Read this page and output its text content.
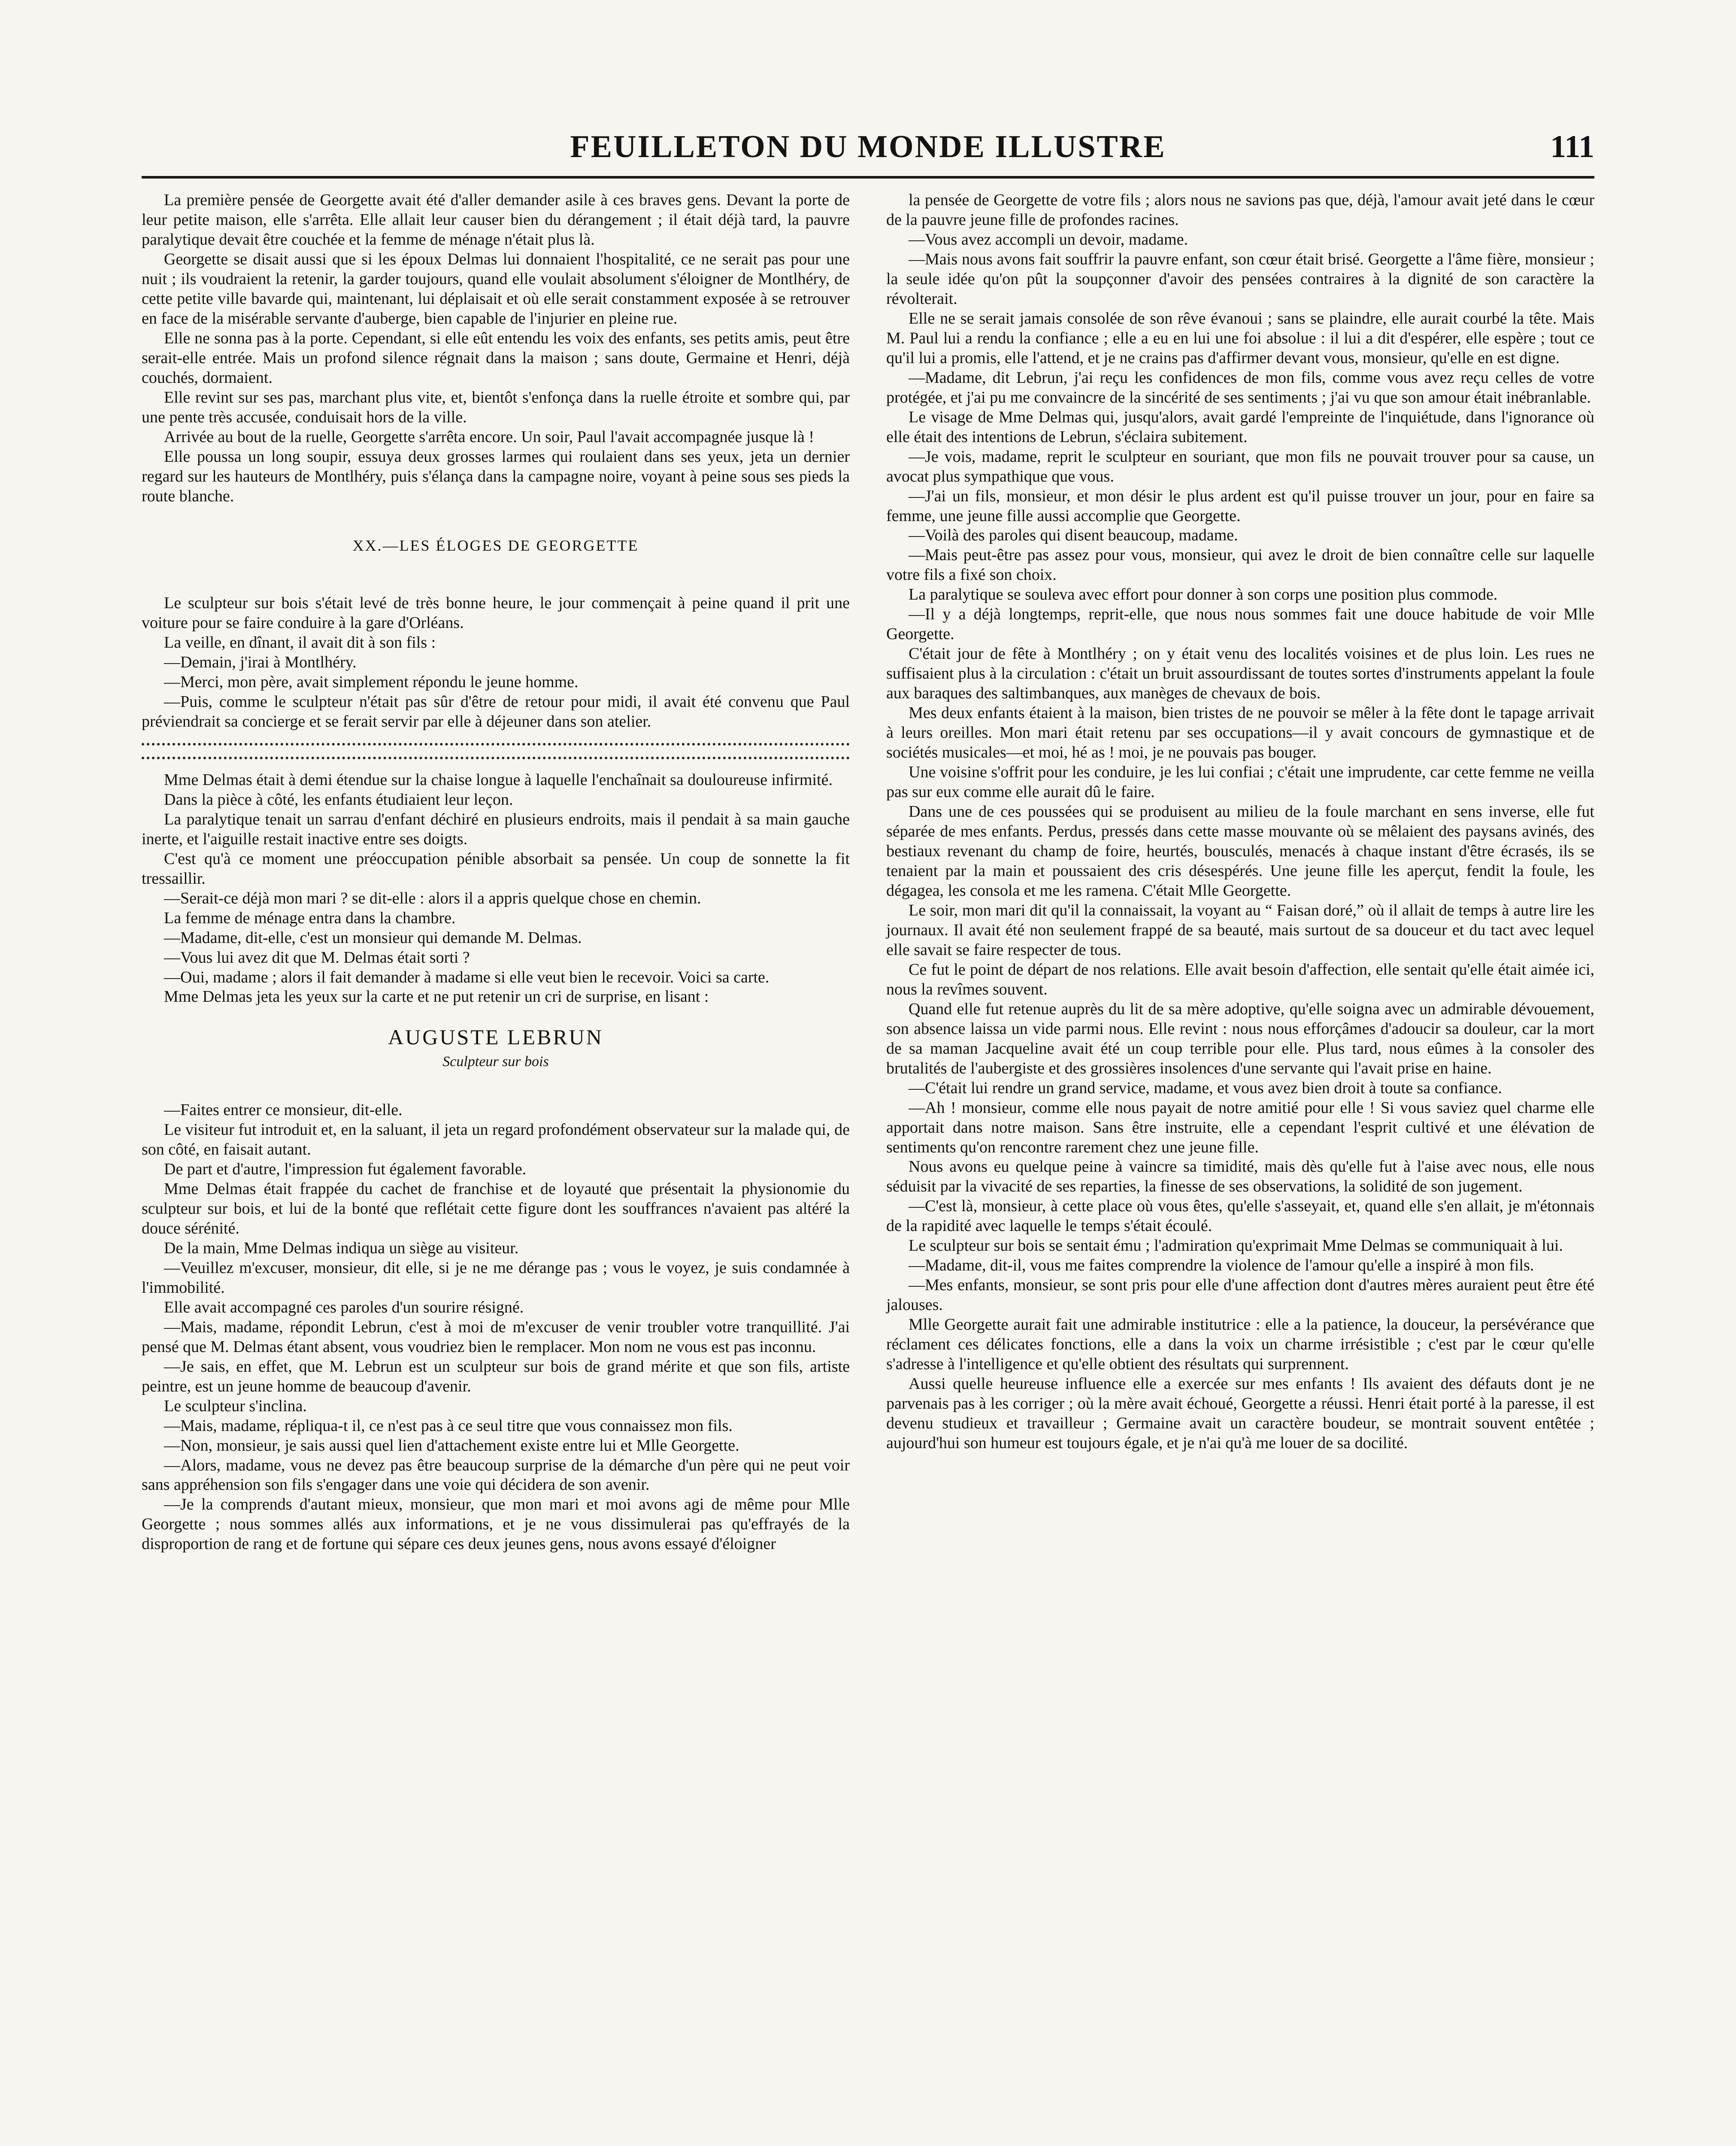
FEUILLETON DU MONDE ILLUSTRE	111

La première pensée de Georgette avait été d'aller demander asile à ces braves gens. Devant la porte de leur petite maison, elle s'arrêta. Elle allait leur causer bien du dérangement ; il était déjà tard, la pauvre paralytique devait être couchée et la femme de ménage n'était plus là.

Georgette se disait aussi que si les époux Delmas lui donnaient l'hospitalité, ce ne serait pas pour une nuit ; ils voudraient la retenir, la garder toujours, quand elle voulait absolument s'éloigner de Montlhéry, de cette petite ville bavarde qui, maintenant, lui déplaisait et où elle serait constamment exposée à se retrouver en face de la misérable servante d'auberge, bien capable de l'injurier en pleine rue.

Elle ne sonna pas à la porte. Cependant, si elle eût entendu les voix des enfants, ses petits amis, peut être serait-elle entrée. Mais un profond silence régnait dans la maison ; sans doute, Germaine et Henri, déjà couchés, dormaient.

Elle revint sur ses pas, marchant plus vite, et, bientôt s'enfonça dans la ruelle étroite et sombre qui, par une pente très accusée, conduisait hors de la ville.

Arrivée au bout de la ruelle, Georgette s'arrêta encore. Un soir, Paul l'avait accompagnée jusque là !

Elle poussa un long soupir, essuya deux grosses larmes qui roulaient dans ses yeux, jeta un dernier regard sur les hauteurs de Montlhéry, puis s'élança dans la campagne noire, voyant à peine sous ses pieds la route blanche.

XX.—LES ÉLOGES DE GEORGETTE

Le sculpteur sur bois s'était levé de très bonne heure, le jour commençait à peine quand il prit une voiture pour se faire conduire à la gare d'Orléans.

La veille, en dînant, il avait dit à son fils :

—Demain, j'irai à Montlhéry.

—Merci, mon père, avait simplement répondu le jeune homme.

—Puis, comme le sculpteur n'était pas sûr d'être de retour pour midi, il avait été convenu que Paul préviendrait sa concierge et se ferait servir par elle à déjeuner dans son atelier.

Mme Delmas était à demi étendue sur la chaise longue à laquelle l'enchaînait sa douloureuse infirmité.

Dans la pièce à côté, les enfants étudiaient leur leçon.

La paralytique tenait un sarrau d'enfant déchiré en plusieurs endroits, mais il pendait à sa main gauche inerte, et l'aiguille restait inactive entre ses doigts.

C'est qu'à ce moment une préoccupation pénible absorbait sa pensée. Un coup de sonnette la fit tressaillir.

—Serait-ce déjà mon mari ? se dit-elle : alors il a appris quelque chose en chemin.

La femme de ménage entra dans la chambre.

—Madame, dit-elle, c'est un monsieur qui demande M. Delmas.

—Vous lui avez dit que M. Delmas était sorti ?

—Oui, madame ; alors il fait demander à madame si elle veut bien le recevoir. Voici sa carte.

Mme Delmas jeta les yeux sur la carte et ne put retenir un cri de surprise, en lisant :

AUGUSTE LEBRUN
Sculpteur sur bois

—Faites entrer ce monsieur, dit-elle.

Le visiteur fut introduit et, en la saluant, il jeta un regard profondément observateur sur la malade qui, de son côté, en faisait autant.

De part et d'autre, l'impression fut également favorable.

Mme Delmas était frappée du cachet de franchise et de loyauté que présentait la physionomie du sculpteur sur bois, et lui de la bonté que reflétait cette figure dont les souffrances n'avaient pas altéré la douce sérénité.

De la main, Mme Delmas indiqua un siège au visiteur.

—Veuillez m'excuser, monsieur, dit elle, si je ne me dérange pas ; vous le voyez, je suis condamnée à l'immobilité.

Elle avait accompagné ces paroles d'un sourire résigné.

—Mais, madame, répondit Lebrun, c'est à moi de m'excuser de venir troubler votre tranquillité. J'ai pensé que M. Delmas étant absent, vous voudriez bien le remplacer. Mon nom ne vous est pas inconnu.

—Je sais, en effet, que M. Lebrun est un sculpteur sur bois de grand mérite et que son fils, artiste peintre, est un jeune homme de beaucoup d'avenir.

Le sculpteur s'inclina.

—Mais, madame, répliqua-t il, ce n'est pas à ce seul titre que vous connaissez mon fils.

—Non, monsieur, je sais aussi quel lien d'attachement existe entre lui et Mlle Georgette.

—Alors, madame, vous ne devez pas être beaucoup surprise de la démarche d'un père qui ne peut voir sans appréhension son fils s'engager dans une voie qui décidera de son avenir.

—Je la comprends d'autant mieux, monsieur, que mon mari et moi avons agi de même pour Mlle Georgette ; nous sommes allés aux informations, et je ne vous dissimulerai pas qu'effrayés de la disproportion de rang et de fortune qui sépare ces deux jeunes gens, nous avons essayé d'éloigner

la pensée de Georgette de votre fils ; alors nous ne savions pas que, déjà, l'amour avait jeté dans le cœur de la pauvre jeune fille de profondes racines.

—Vous avez accompli un devoir, madame.

—Mais nous avons fait souffrir la pauvre enfant, son cœur était brisé. Georgette a l'âme fière, monsieur ; la seule idée qu'on pût la soupçonner d'avoir des pensées contraires à la dignité de son caractère la révolterait.

Elle ne se serait jamais consolée de son rêve évanoui ; sans se plaindre, elle aurait courbé la tête. Mais M. Paul lui a rendu la confiance ; elle a eu en lui une foi absolue : il lui a dit d'espérer, elle espère ; tout ce qu'il lui a promis, elle l'attend, et je ne crains pas d'affirmer devant vous, monsieur, qu'elle en est digne.

—Madame, dit Lebrun, j'ai reçu les confidences de mon fils, comme vous avez reçu celles de votre protégée, et j'ai pu me convaincre de la sincérité de ses sentiments ; j'ai vu que son amour était inébranlable.

Le visage de Mme Delmas qui, jusqu'alors, avait gardé l'empreinte de l'inquiétude, dans l'ignorance où elle était des intentions de Lebrun, s'éclaira subitement.

—Je vois, madame, reprit le sculpteur en souriant, que mon fils ne pouvait trouver pour sa cause, un avocat plus sympathique que vous.

—J'ai un fils, monsieur, et mon désir le plus ardent est qu'il puisse trouver un jour, pour en faire sa femme, une jeune fille aussi accomplie que Georgette.

—Voilà des paroles qui disent beaucoup, madame.

—Mais peut-être pas assez pour vous, monsieur, qui avez le droit de bien connaître celle sur laquelle votre fils a fixé son choix.

La paralytique se souleva avec effort pour donner à son corps une position plus commode.

—Il y a déjà longtemps, reprit-elle, que nous nous sommes fait une douce habitude de voir Mlle Georgette.

C'était jour de fête à Montlhéry ; on y était venu des localités voisines et de plus loin. Les rues ne suffisaient plus à la circulation : c'était un bruit assourdissant de toutes sortes d'instruments appelant la foule aux baraques des saltimbanques, aux manèges de chevaux de bois.

Mes deux enfants étaient à la maison, bien tristes de ne pouvoir se mêler à la fête dont le tapage arrivait à leurs oreilles. Mon mari était retenu par ses occupations—il y avait concours de gymnastique et de sociétés musicales—et moi, hé as ! moi, je ne pouvais pas bouger.

Une voisine s'offrit pour les conduire, je les lui confiai ; c'était une imprudente, car cette femme ne veilla pas sur eux comme elle aurait dû le faire.

Dans une de ces poussées qui se produisent au milieu de la foule marchant en sens inverse, elle fut séparée de mes enfants. Perdus, pressés dans cette masse mouvante où se mêlaient des paysans avinés, des bestiaux revenant du champ de foire, heurtés, bousculés, menacés à chaque instant d'être écrasés, ils se tenaient par la main et poussaient des cris désespérés. Une jeune fille les aperçut, fendit la foule, les dégagea, les consola et me les ramena. C'était Mlle Georgette.

Le soir, mon mari dit qu'il la connaissait, la voyant au “ Faisan doré,” où il allait de temps à autre lire les journaux. Il avait été non seulement frappé de sa beauté, mais surtout de sa douceur et du tact avec lequel elle savait se faire respecter de tous.

Ce fut le point de départ de nos relations. Elle avait besoin d'affection, elle sentait qu'elle était aimée ici, nous la revîmes souvent.

Quand elle fut retenue auprès du lit de sa mère adoptive, qu'elle soigna avec un admirable dévouement, son absence laissa un vide parmi nous. Elle revint : nous nous efforçâmes d'adoucir sa douleur, car la mort de sa maman Jacqueline avait été un coup terrible pour elle. Plus tard, nous eûmes à la consoler des brutalités de l'aubergiste et des grossières insolences d'une servante qui l'avait prise en haine.

—C'était lui rendre un grand service, madame, et vous avez bien droit à toute sa confiance.

—Ah ! monsieur, comme elle nous payait de notre amitié pour elle ! Si vous saviez quel charme elle apportait dans notre maison. Sans être instruite, elle a cependant l'esprit cultivé et une élévation de sentiments qu'on rencontre rarement chez une jeune fille.

Nous avons eu quelque peine à vaincre sa timidité, mais dès qu'elle fut à l'aise avec nous, elle nous séduisit par la vivacité de ses reparties, la finesse de ses observations, la solidité de son jugement.

—C'est là, monsieur, à cette place où vous êtes, qu'elle s'asseyait, et, quand elle s'en allait, je m'étonnais de la rapidité avec laquelle le temps s'était écoulé.

Le sculpteur sur bois se sentait ému ; l'admiration qu'exprimait Mme Delmas se communiquait à lui.

—Madame, dit-il, vous me faites comprendre la violence de l'amour qu'elle a inspiré à mon fils.

—Mes enfants, monsieur, se sont pris pour elle d'une affection dont d'autres mères auraient peut être été jalouses.

Mlle Georgette aurait fait une admirable institutrice : elle a la patience, la douceur, la persévérance que réclament ces délicates fonctions, elle a dans la voix un charme irrésistible ; c'est par le cœur qu'elle s'adresse à l'intelligence et qu'elle obtient des résultats qui surprennent.

Aussi quelle heureuse influence elle a exercée sur mes enfants ! Ils avaient des défauts dont je ne parvenais pas à les corriger ; où la mère avait échoué, Georgette a réussi. Henri était porté à la paresse, il est devenu studieux et travailleur ; Germaine avait un caractère boudeur, se montrait souvent entêtée ; aujourd'hui son humeur est toujours égale, et je n'ai qu'à me louer de sa docilité.
